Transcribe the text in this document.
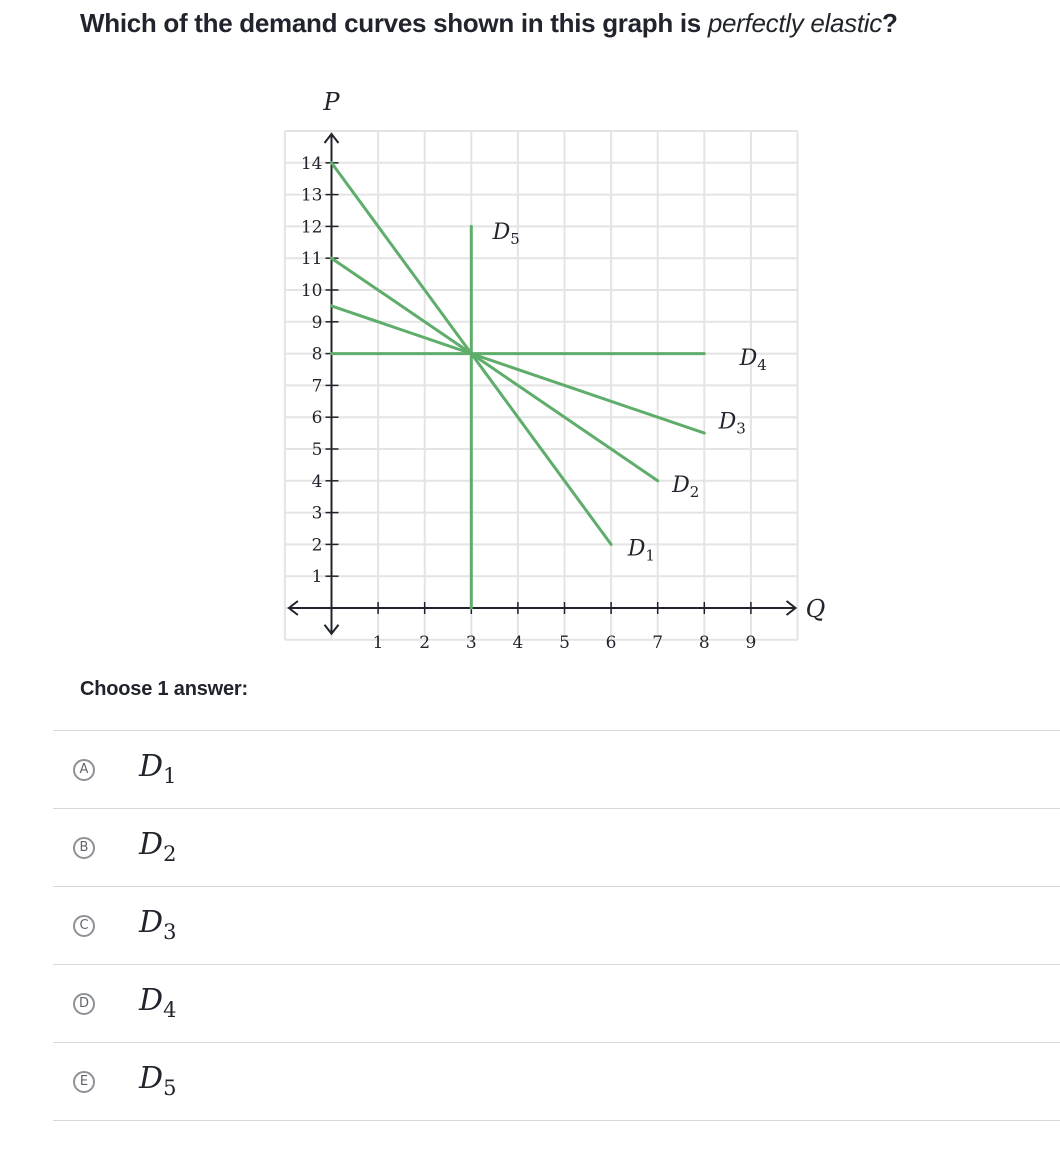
Which of the demand curves shown in this graph is perfectly elastic?
1 2 3 4 5 6 7 8 9
1
2
3
4
5
6
7
8
9
10
11
12
13
14
P
Q
$D_1$
$D_2$
$D_3$
$D_4$
$D_5$
Choose 1 answer:
A $D_1$
B $D_2$
C $D_3$
D $D_4$
E $D_5$
